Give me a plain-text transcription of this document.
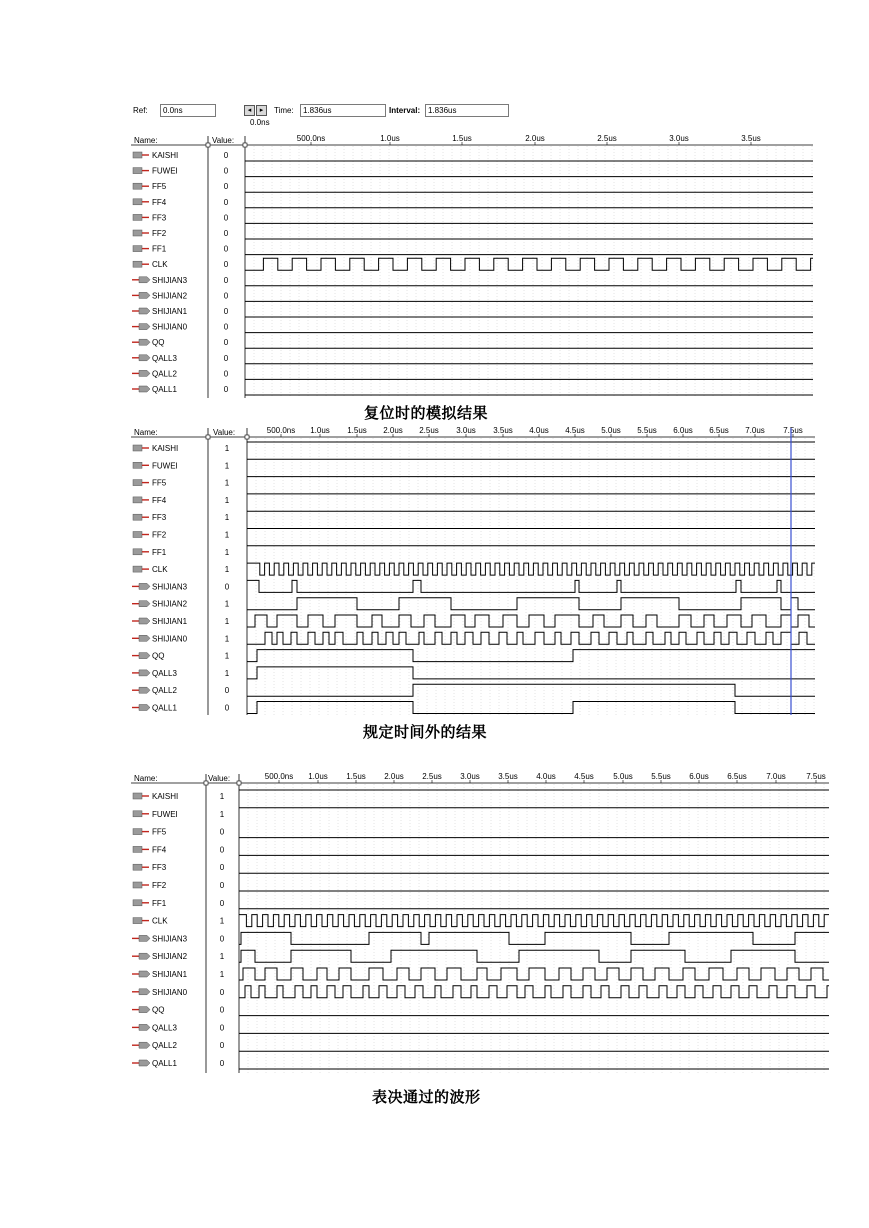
Ref:	0.0ns	◂	▸	Time:	1.836us	Interval: 1.836us
0.0ns
Name:	Value:	500.0ns	1.0us	1.5us	2.0us	2.5us	3.0us	3.5us
KAISHI	0
FUWEI	0
FF5	0
FF4	0
FF3	0
FF2	0
FF1	0
CLK	0
SHIJIAN3	0
SHIJIAN2	0
SHIJIAN1	0
SHIJIAN0	0
QQ	0
QALL3	0
QALL2	0
QALL1	0
复位时的模拟结果
Name:	Value:	500.0ns 1.0us 1.5us 2.0us 2.5us 3.0us 3.5us 4.0us 4.5us 5.0us 5.5us 6.0us 6.5us 7.0us 7.5us
KAISHI	1
FUWEI	1
FF5	1
FF4	1
FF3	1
FF2	1
FF1	1
CLK	1
SHIJIAN3	0
SHIJIAN2	1
SHIJIAN1	1
SHIJIAN0	1
QQ	1
QALL3	1
QALL2	0
QALL1	0
规定时间外的结果
Name:	Value:	500.0ns 1.0us 1.5us 2.0us 2.5us 3.0us 3.5us 4.0us 4.5us 5.0us 5.5us 6.0us 6.5us 7.0us	7.5us
KAISHI	1
FUWEI	1
FF5	0
FF4	0
FF3	0
FF2	0
FF1	0
CLK	1
SHIJIAN3	0
SHIJIAN2	1
SHIJIAN1	1
SHIJIAN0	0
QQ	0
QALL3	0
QALL2	0
QALL1	0
表决通过的波形
